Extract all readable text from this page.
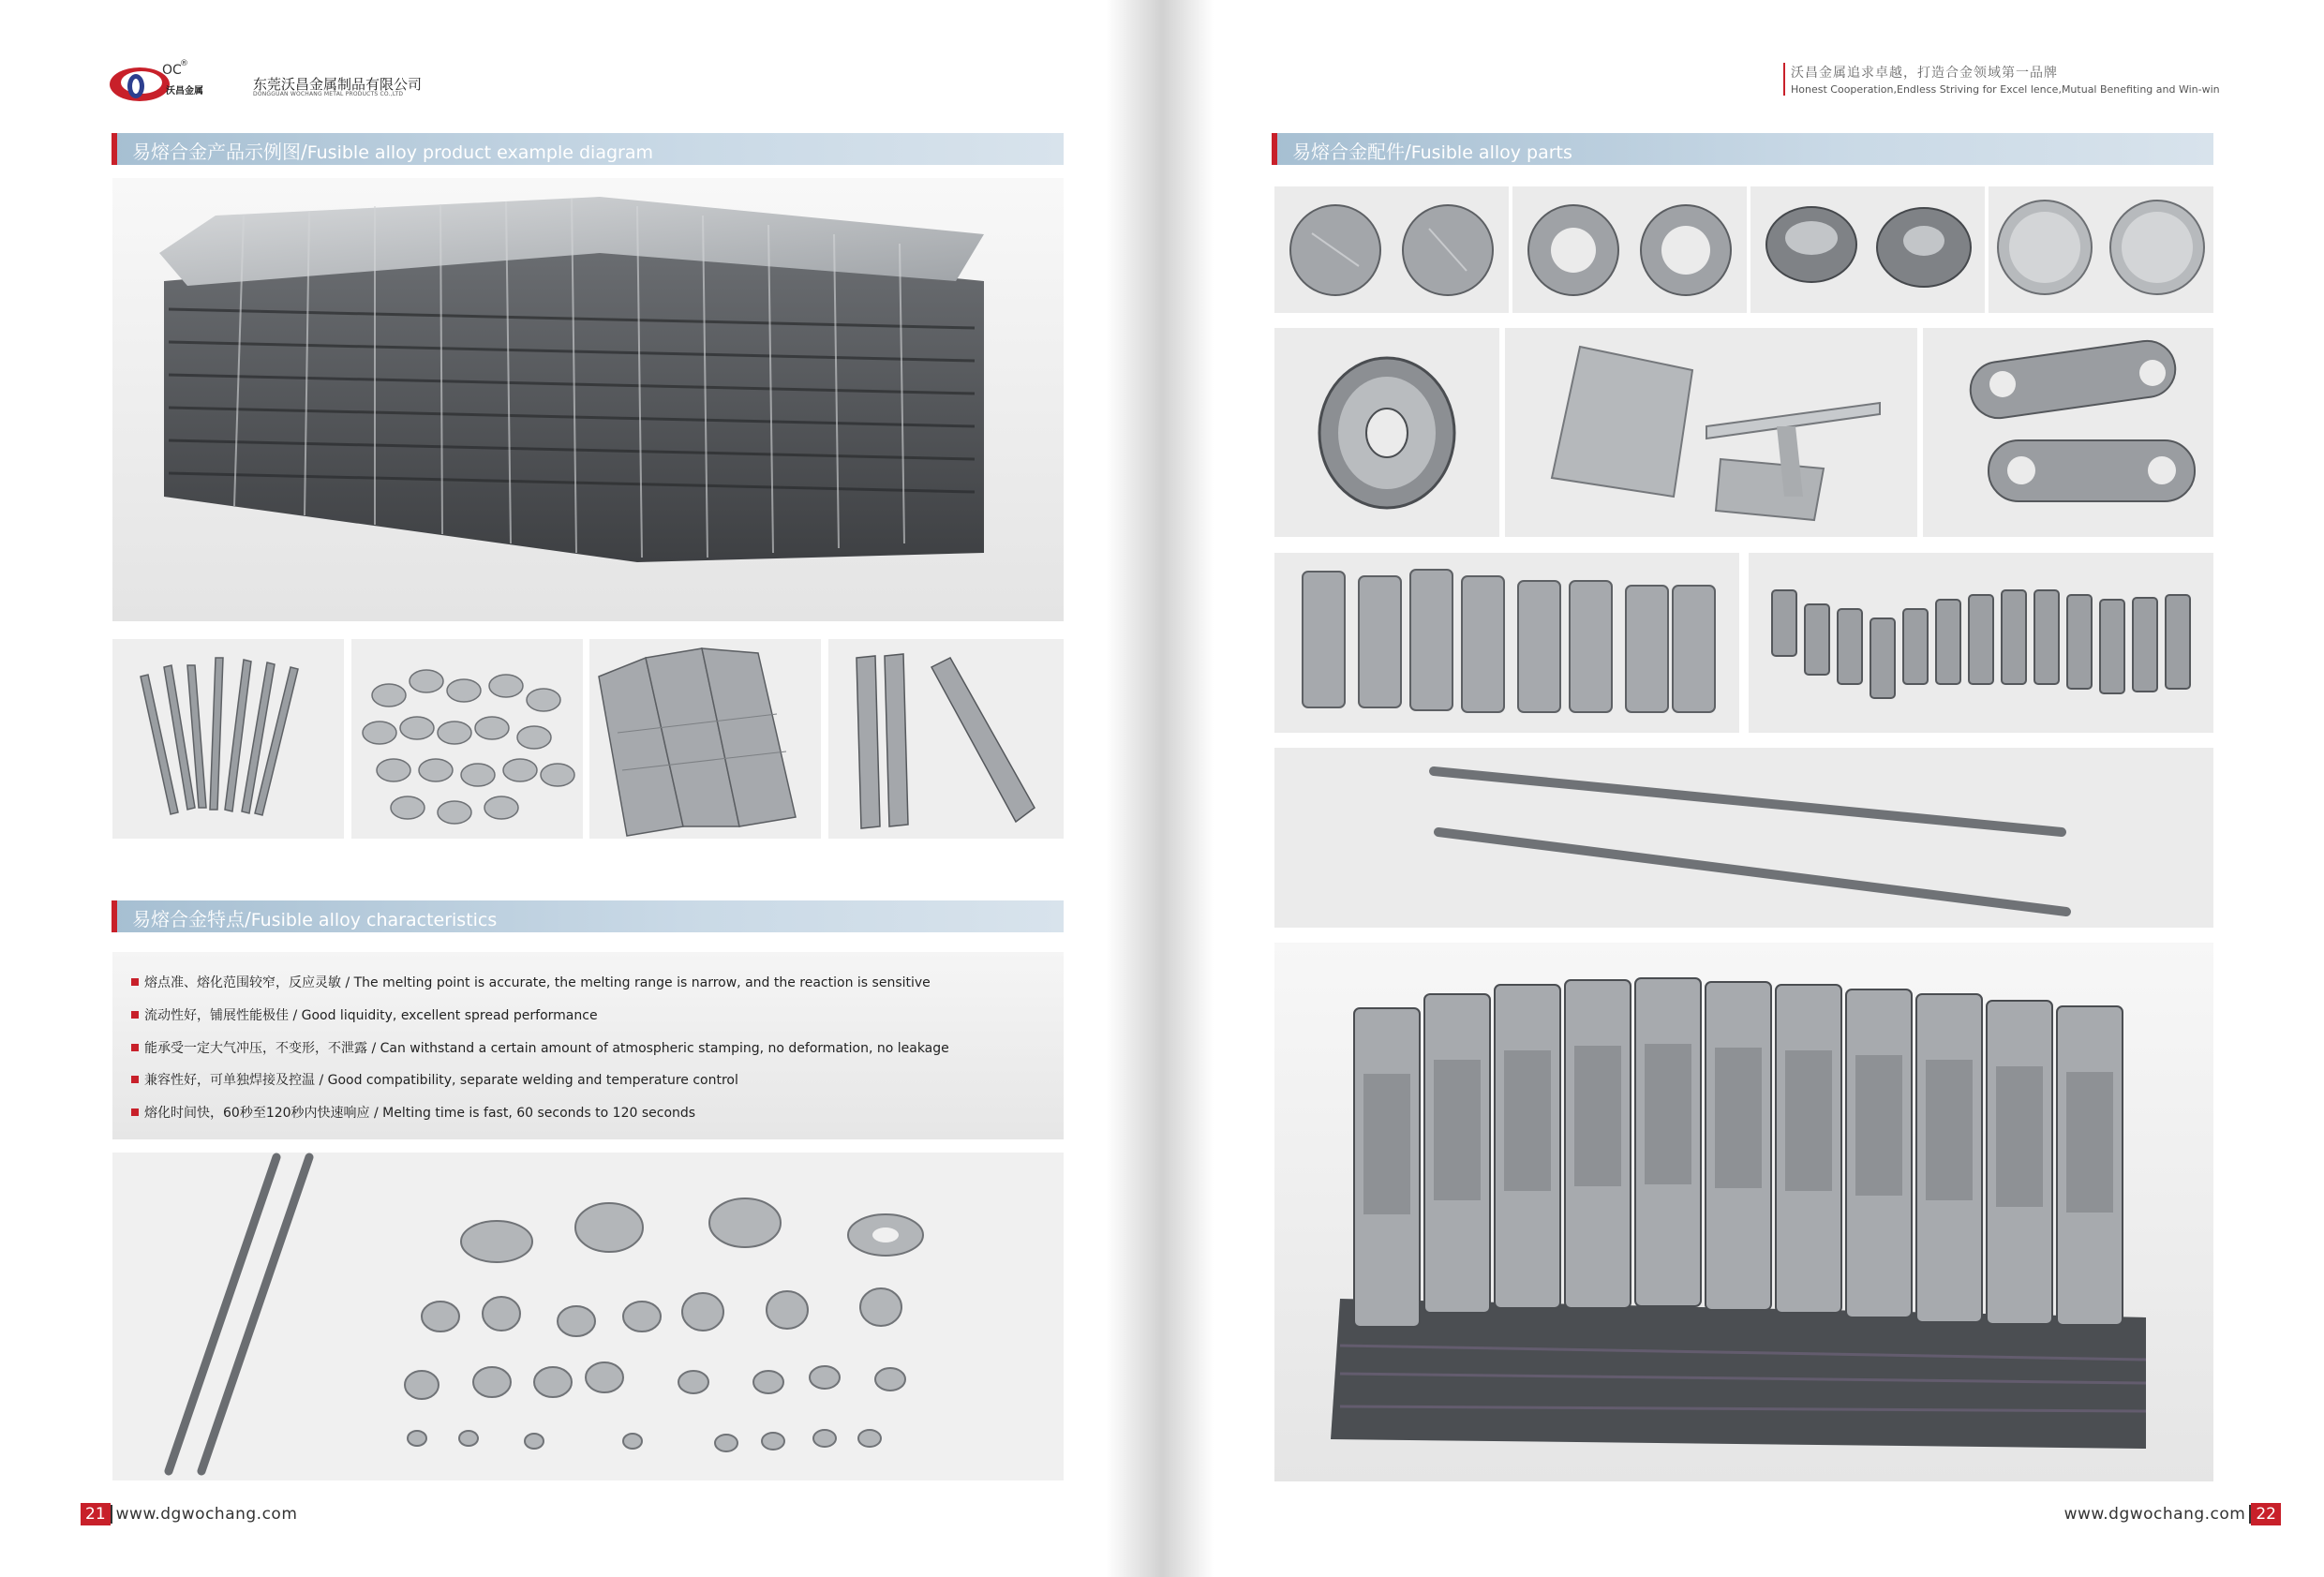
OC
®
沃昌金属	东莞沃昌金属制品有限公司
DONGGUAN WOCHANG METAL PRODUCTS CO.,LTD
易熔合金产品示例图/Fusible alloy product example diagram
易熔合金特点/Fusible alloy characteristics
熔点准、熔化范围较窄，反应灵敏 / The melting point is accurate, the melting range is narrow, and the reaction is sensitive
流动性好，铺展性能极佳 / Good liquidity, excellent spread performance
能承受一定大气冲压，不变形，不泄露 / Can withstand a certain amount of atmospheric stamping, no deformation, no leakage
兼容性好，可单独焊接及控温 / Good compatibility, separate welding and temperature control
熔化时间快，60秒至120秒内快速响应 / Melting time is fast, 60 seconds to 120 seconds
21 www.dgwochang.com
沃昌金属追求卓越，打造合金领域第一品牌
Honest Cooperation,Endless Striving for Excel lence,Mutual Benefiting and Win-win
易熔合金配件/Fusible alloy parts
www.dgwochang.com 22
